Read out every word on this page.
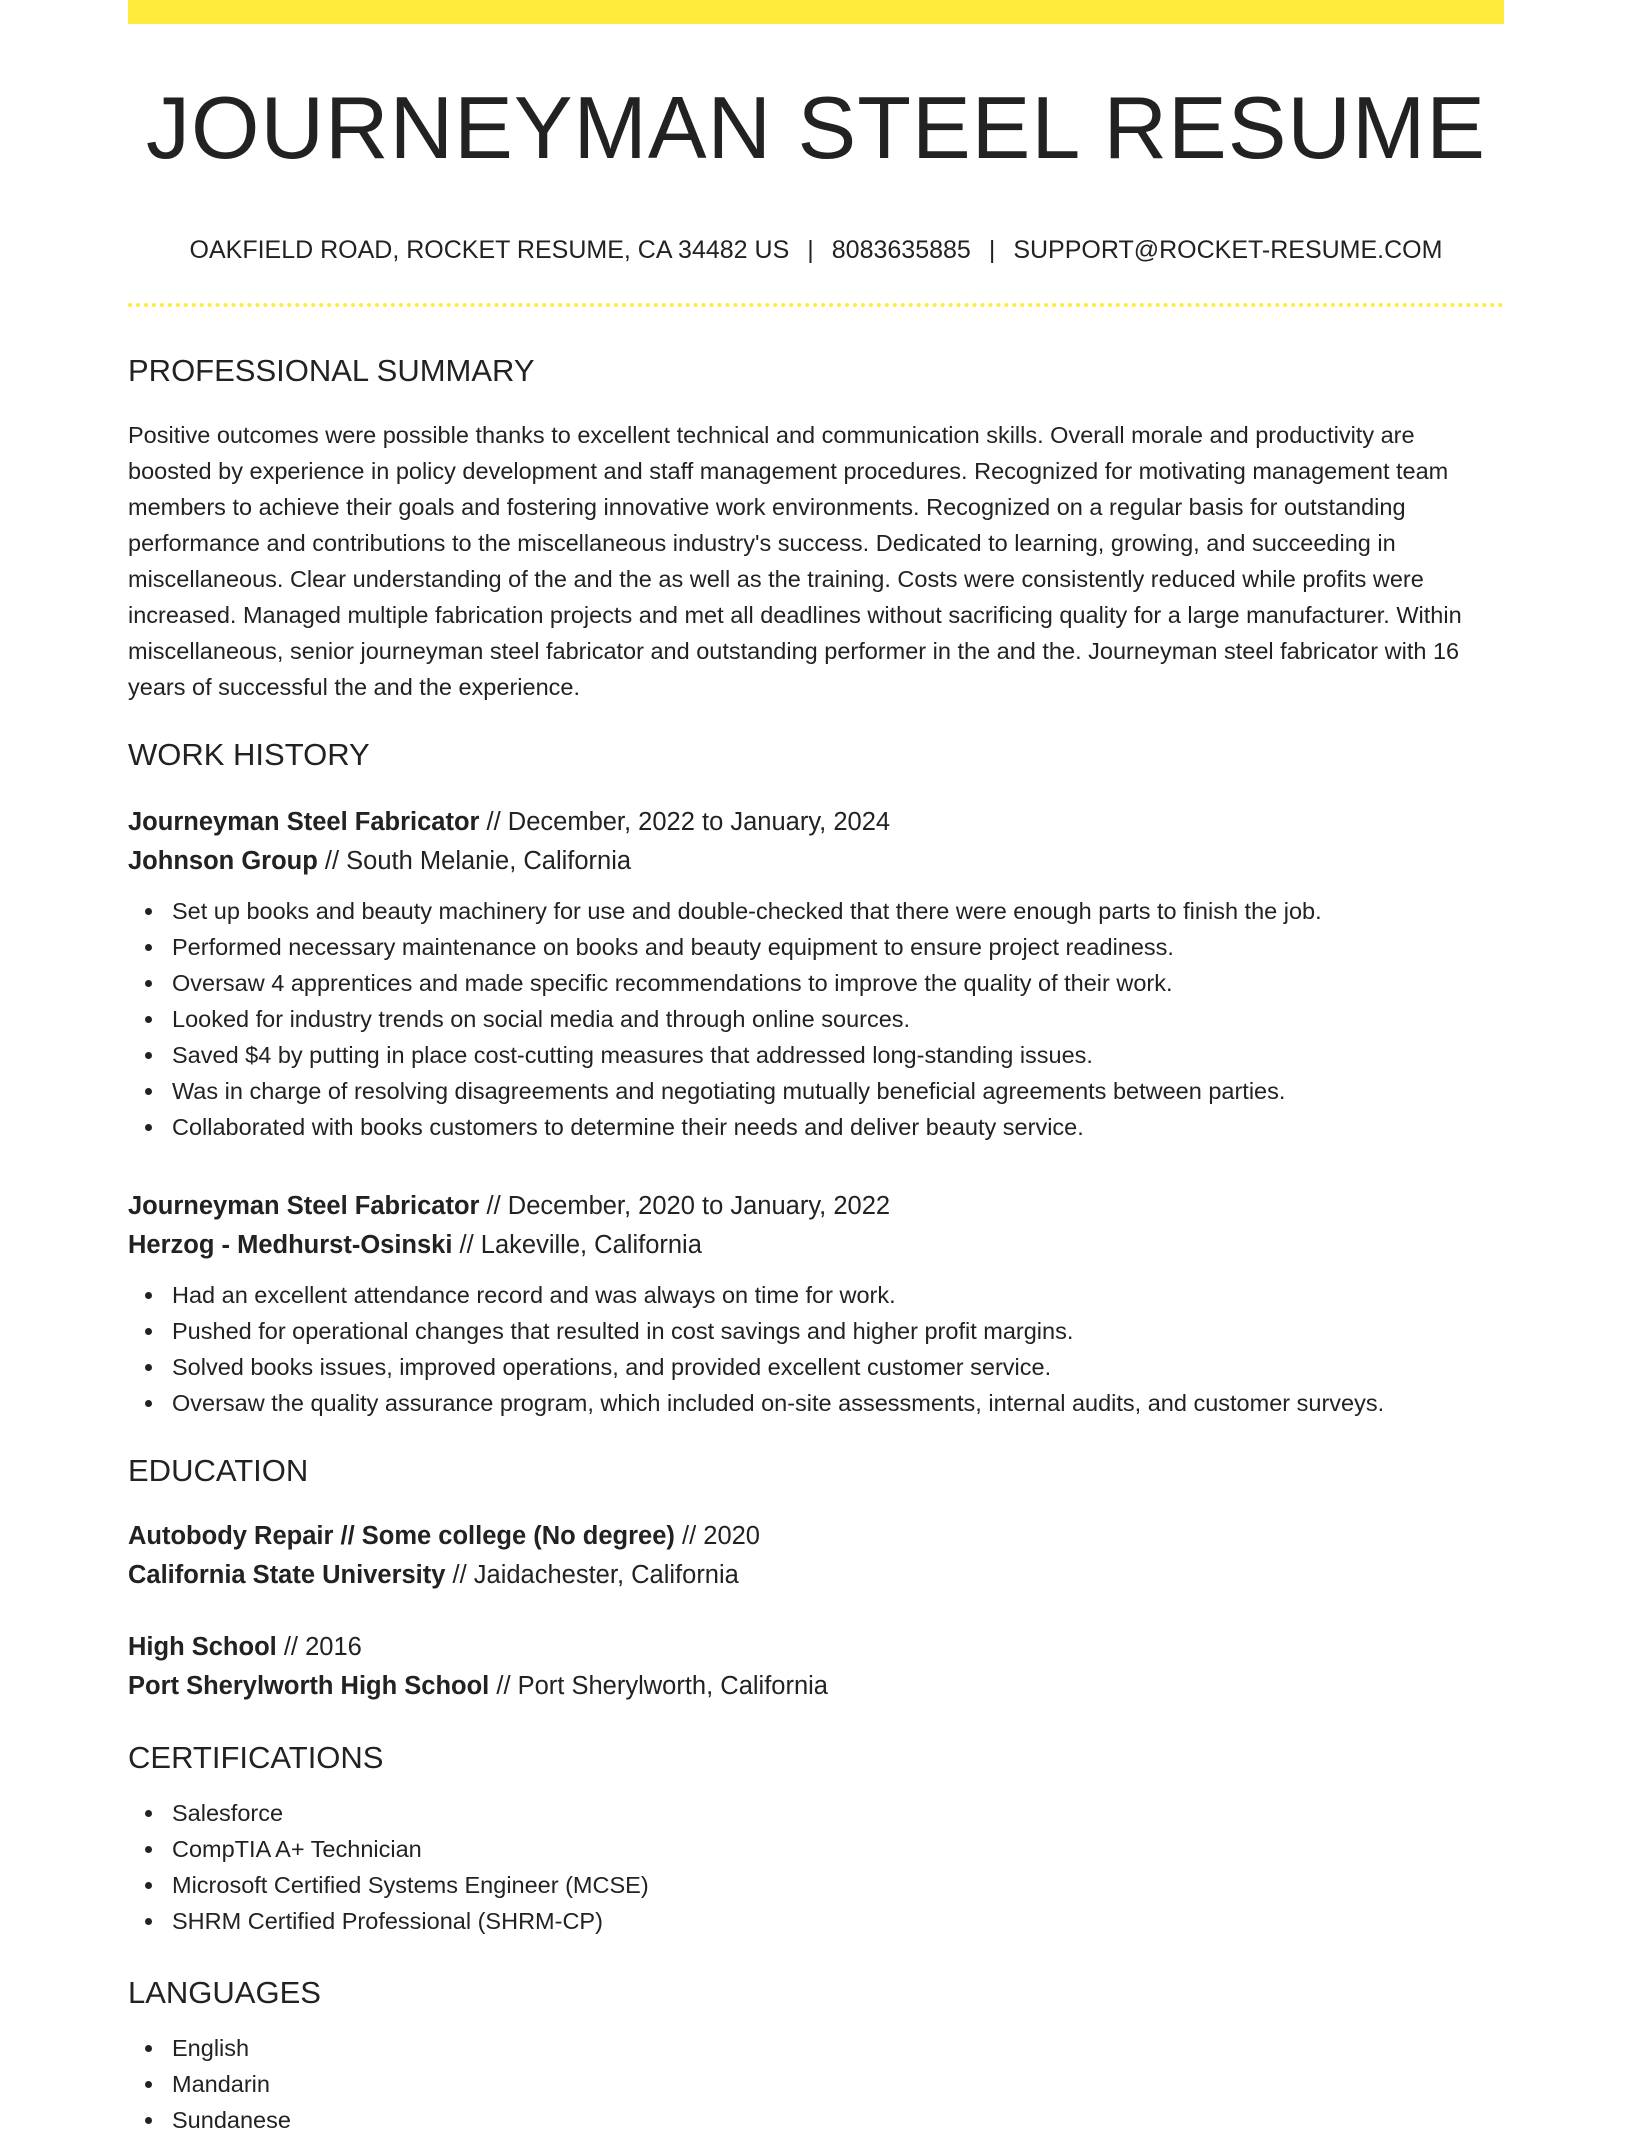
JOURNEYMAN STEEL RESUME
OAKFIELD ROAD, ROCKET RESUME, CA 34482 US | 8083635885 | SUPPORT@ROCKET-RESUME.COM
PROFESSIONAL SUMMARY

Positive outcomes were possible thanks to excellent technical and communication skills. Overall morale and productivity are boosted by experience in policy development and staff management procedures. Recognized for motivating management team members to achieve their goals and fostering innovative work environments. Recognized on a regular basis for outstanding performance and contributions to the miscellaneous industry's success. Dedicated to learning, growing, and succeeding in miscellaneous. Clear understanding of the and the as well as the training. Costs were consistently reduced while profits were increased. Managed multiple fabrication projects and met all deadlines without sacrificing quality for a large manufacturer. Within miscellaneous, senior journeyman steel fabricator and outstanding performer in the and the. Journeyman steel fabricator with 16 years of successful the and the experience.

WORK HISTORY
Journeyman Steel Fabricator // December, 2022 to January, 2024
Johnson Group // South Melanie, California
Set up books and beauty machinery for use and double-checked that there were enough parts to finish the job.
Performed necessary maintenance on books and beauty equipment to ensure project readiness.
Oversaw 4 apprentices and made specific recommendations to improve the quality of their work.
Looked for industry trends on social media and through online sources.
Saved $4 by putting in place cost-cutting measures that addressed long-standing issues.
Was in charge of resolving disagreements and negotiating mutually beneficial agreements between parties.
Collaborated with books customers to determine their needs and deliver beauty service.
Journeyman Steel Fabricator // December, 2020 to January, 2022
Herzog - Medhurst-Osinski // Lakeville, California
Had an excellent attendance record and was always on time for work.
Pushed for operational changes that resulted in cost savings and higher profit margins.
Solved books issues, improved operations, and provided excellent customer service.
Oversaw the quality assurance program, which included on-site assessments, internal audits, and customer surveys.
EDUCATION
Autobody Repair // Some college (No degree) // 2020
California State University // Jaidachester, California
High School // 2016
Port Sherylworth High School // Port Sherylworth, California
CERTIFICATIONS
Salesforce
CompTIA A+ Technician
Microsoft Certified Systems Engineer (MCSE)
SHRM Certified Professional (SHRM-CP)
LANGUAGES
English
Mandarin
Sundanese
